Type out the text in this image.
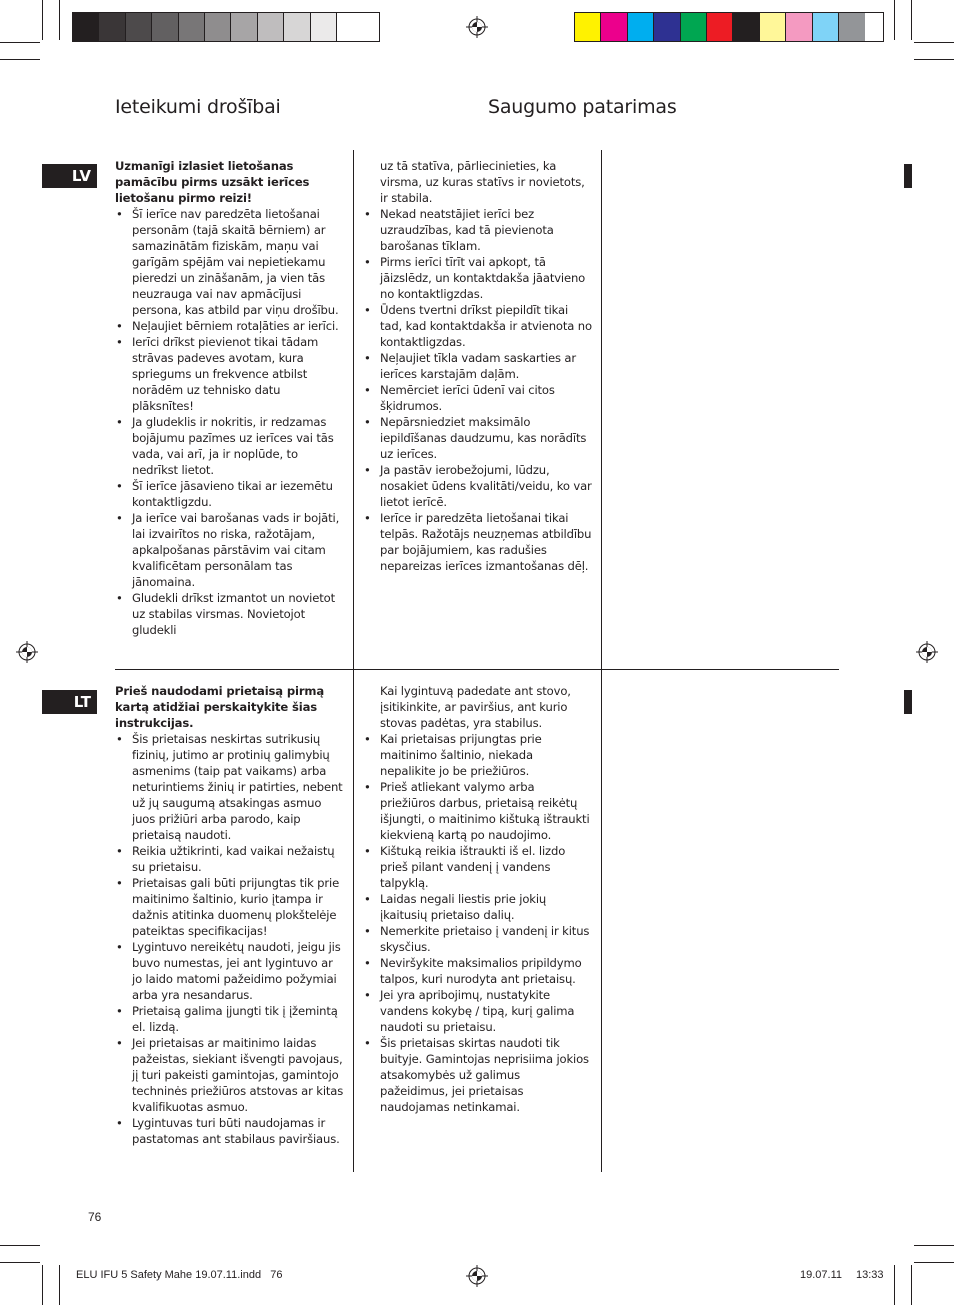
Ieteikumi drošībai	Saugumo patarimas
LV

Uzmanīgi izlasiet lietošanas pamācību pirms uzsākt ierīces lietošanu pirmo reizi!

• Šī ierīce nav paredzēta lietošanai personām (tajā skaitā bērniem) ar samazinātām fiziskām, maņu vai garīgām spējām vai nepietiekamu pieredzi un zināšanām, ja vien tās neuzrauga vai nav apmācījusi persona, kas atbild par viņu drošību.
• Neļaujiet bērniem rotaļāties ar ierīci.
• Ierīci drīkst pievienot tikai tādam strāvas padeves avotam, kura spriegums un frekvence atbilst norādēm uz tehnisko datu plāksnītes!
• Ja gludeklis ir nokritis, ir redzamas bojājumu pazīmes uz ierīces vai tās vada, vai arī, ja ir noplūde, to nedrīkst lietot.
• Šī ierīce jāsavieno tikai ar iezemētu kontaktligzdu.
• Ja ierīce vai barošanas vads ir bojāti, lai izvairītos no riska, ražotājam, apkalpošanas pārstāvim vai citam kvalificētam personālam tas jānomaina.
• Gludekli drīkst izmantot un novietot uz stabilas virsmas. Novietojot gludekli

uz tā statīva, pārliecinieties, ka virsma, uz kuras statīvs ir novietots, ir stabila.

• Nekad neatstājiet ierīci bez uzraudzības, kad tā pievienota barošanas tīklam.
• Pirms ierīci tīrīt vai apkopt, tā jāizslēdz, un kontaktdakša jāatvieno no kontaktligzdas.
• Ūdens tvertni drīkst piepildīt tikai tad, kad kontaktdakša ir atvienota no kontaktligzdas.
• Neļaujiet tīkla vadam saskarties ar ierīces karstajām daļām.
• Nemērciet ierīci ūdenī vai citos šķidrumos.
• Nepārsniedziet maksimālo iepildīšanas daudzumu, kas norādīts uz ierīces.
• Ja pastāv ierobežojumi, lūdzu, nosakiet ūdens kvalitāti/veidu, ko var lietot ierīcē.
• Ierīce ir paredzēta lietošanai tikai telpās. Ražotājs neuzņemas atbildību par bojājumiem, kas radušies nepareizas ierīces izmantošanas dēļ.
LT

Prieš naudodami prietaisą pirmą kartą atidžiai perskaitykite šias instrukcijas.

• Šis prietaisas neskirtas sutrikusių fizinių, jutimo ar protinių galimybių asmenims (taip pat vaikams) arba neturintiems žinių ir patirties, nebent už jų saugumą atsakingas asmuo juos prižiūri arba parodo, kaip prietaisą naudoti.
• Reikia užtikrinti, kad vaikai nežaistų su prietaisu.
• Prietaisas gali būti prijungtas tik prie maitinimo šaltinio, kurio įtampa ir dažnis atitinka duomenų plokštelėje pateiktas specifikacijas!
• Lygintuvo nereikėtų naudoti, jeigu jis buvo numestas, jei ant lygintuvo ar jo laido matomi pažeidimo požymiai arba yra nesandarus.
• Prietaisą galima įjungti tik į įžemintą el. lizdą.
• Jei prietaisas ar maitinimo laidas pažeistas, siekiant išvengti pavojaus, jį turi pakeisti gamintojas, gamintojo techninės priežiūros atstovas ar kitas kvalifikuotas asmuo.
• Lygintuvas turi būti naudojamas ir pastatomas ant stabilaus paviršiaus.

Kai lygintuvą padedate ant stovo, įsitikinkite, ar paviršius, ant kurio stovas padėtas, yra stabilus.

• Kai prietaisas prijungtas prie maitinimo šaltinio, niekada nepalikite jo be priežiūros.
• Prieš atliekant valymo arba priežiūros darbus, prietaisą reikėtų išjungti, o maitinimo kištuką ištraukti kiekvieną kartą po naudojimo.
• Kištuką reikia ištraukti iš el. lizdo prieš pilant vandenį į vandens talpyklą.
• Laidas negali liestis prie jokių įkaitusių prietaiso dalių.
• Nemerkite prietaiso į vandenį ir kitus skysčius.
• Neviršykite maksimalios pripildymo talpos, kuri nurodyta ant prietaisų.
• Jei yra apribojimų, nustatykite vandens kokybę / tipą, kurį galima naudoti su prietaisu.
• Šis prietaisas skirtas naudoti tik buityje. Gamintojas neprisiima jokios atsakomybės už galimus pažeidimus, jei prietaisas naudojamas netinkamai.
76
ELU IFU 5 Safety Mahe 19.07.11.indd   76	19.07.11 13:33
